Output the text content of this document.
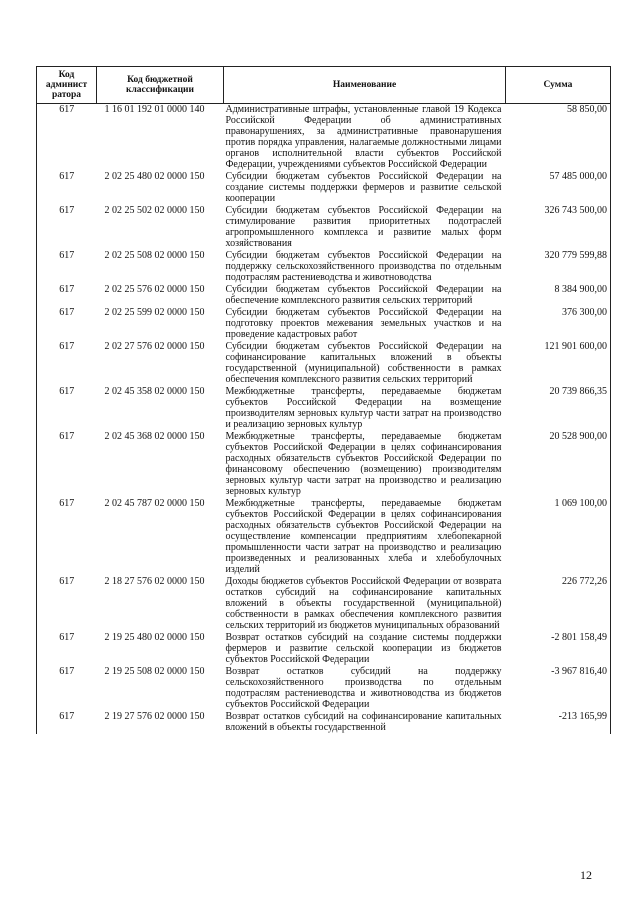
Код админист ратора	Код бюджетной классификации	Наименование	Сумма
617	1 16 01 192 01 0000 140	Административные штрафы, установленные главой 19 Кодекса Российской Федерации об административных правонарушениях, за административные правонарушения против порядка управления, налагаемые должностными лицами органов исполнительной власти субъектов Российской Федерации, учреждениями субъектов Российской Федерации	58 850,00
617	2 02 25 480 02 0000 150	Субсидии бюджетам субъектов Российской Федерации на создание системы поддержки фермеров и развитие сельской кооперации	57 485 000,00
617	2 02 25 502 02 0000 150	Субсидии бюджетам субъектов Российской Федерации на стимулирование развития приоритетных подотраслей агропромышленного комплекса и развитие малых форм хозяйствования	326 743 500,00
617	2 02 25 508 02 0000 150	Субсидии бюджетам субъектов Российской Федерации на поддержку сельскохозяйственного производства по отдельным подотраслям растениеводства и животноводства	320 779 599,88
617	2 02 25 576 02 0000 150	Субсидии бюджетам субъектов Российской Федерации на обеспечение комплексного развития сельских территорий	8 384 900,00
617	2 02 25 599 02 0000 150	Субсидии бюджетам субъектов Российской Федерации на подготовку проектов межевания земельных участков и на проведение кадастровых работ	376 300,00
617	2 02 27 576 02 0000 150	Субсидии бюджетам субъектов Российской Федерации на софинансирование капитальных вложений в объекты государственной (муниципальной) собственности в рамках обеспечения комплексного развития сельских территорий	121 901 600,00
617	2 02 45 358 02 0000 150	Межбюджетные трансферты, передаваемые бюджетам субъектов Российской Федерации на возмещение производителям зерновых культур части затрат на производство и реализацию зерновых культур	20 739 866,35
617	2 02 45 368 02 0000 150	Межбюджетные трансферты, передаваемые бюджетам субъектов Российской Федерации в целях софинансирования расходных обязательств субъектов Российской Федерации по финансовому обеспечению (возмещению) производителям зерновых культур части затрат на производство и реализацию зерновых культур	20 528 900,00
617	2 02 45 787 02 0000 150	Межбюджетные трансферты, передаваемые бюджетам субъектов Российской Федерации в целях софинансирования расходных обязательств субъектов Российской Федерации на осуществление компенсации предприятиям хлебопекарной промышленности части затрат на производство и реализацию произведенных и реализованных хлеба и хлебобулочных изделий	1 069 100,00
617	2 18 27 576 02 0000 150	Доходы бюджетов субъектов Российской Федерации от возврата остатков субсидий на софинансирование капитальных вложений в объекты государственной (муниципальной) собственности в рамках обеспечения комплексного развития сельских территорий из бюджетов муниципальных образований	226 772,26
617	2 19 25 480 02 0000 150	Возврат остатков субсидий на создание системы поддержки фермеров и развитие сельской кооперации из бюджетов субъектов Российской Федерации	-2 801 158,49
617	2 19 25 508 02 0000 150	Возврат остатков субсидий на поддержку сельскохозяйственного производства по отдельным подотраслям растениеводства и животноводства из бюджетов субъектов Российской Федерации	-3 967 816,40
617	2 19 27 576 02 0000 150	Возврат остатков субсидий на софинансирование капитальных вложений в объекты государственной	-213 165,99
12
